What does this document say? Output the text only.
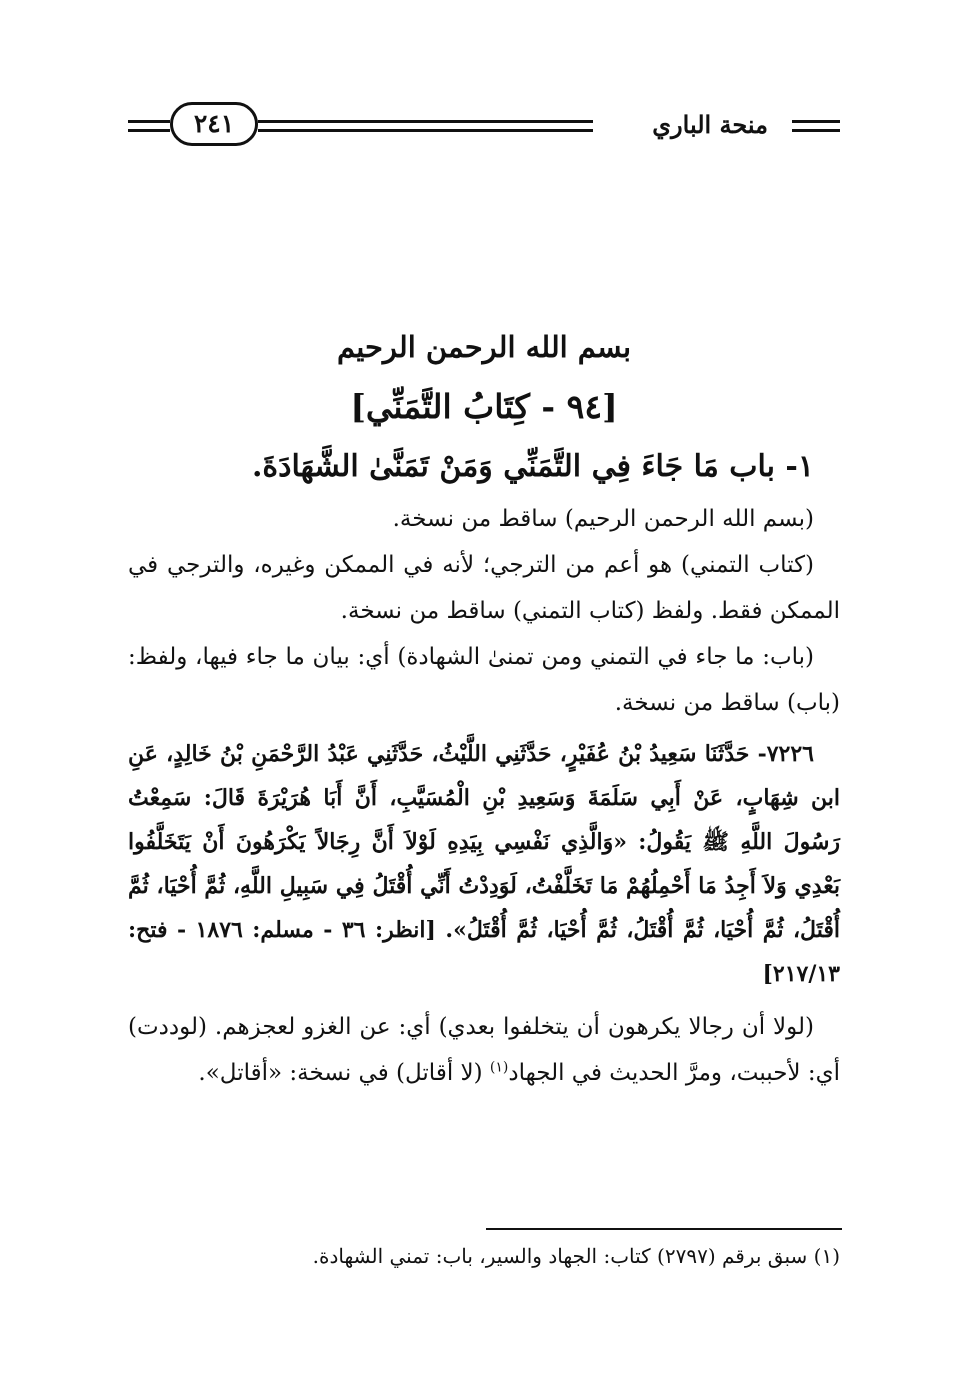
منحة الباري
٢٤١
بسم الله الرحمن الرحيم
[٩٤ - كِتَابُ التَّمَنِّي]
١- باب مَا جَاءَ فِي التَّمَنِّي وَمَنْ تَمَنَّىٰ الشَّهَادَةَ.

(بسم الله الرحمن الرحيم) ساقط من نسخة.

(كتاب التمني) هو أعم من الترجي؛ لأنه في الممكن وغيره، والترجي في الممكن فقط. ولفظ (كتاب التمني) ساقط من نسخة.

(باب: ما جاء في التمني ومن تمنىٰ الشهادة) أي: بيان ما جاء فيها، ولفظ: (باب) ساقط من نسخة.

٧٢٢٦- حَدَّثَنَا سَعِيدُ بْنُ عُفَيْرٍ، حَدَّثَنِي اللَّيْثُ، حَدَّثَنِي عَبْدُ الرَّحْمَنِ بْنُ خَالِدٍ، عَنِ ابن شِهَابٍ، عَنْ أَبِي سَلَمَةَ وَسَعِيدِ بْنِ الْمُسَيَّبِ، أَنَّ أَبَا هُرَيْرَةَ قَالَ: سَمِعْتُ رَسُولَ اللَّهِ ﷺ يَقُولُ: «وَالَّذِي نَفْسِي بِيَدِهِ لَوْلاَ أَنَّ رِجَالاً يَكْرَهُونَ أَنْ يَتَخَلَّفُوا بَعْدِي وَلاَ أَجِدُ مَا أَحْمِلُهُمْ مَا تَخَلَّفْتُ، لَوَدِدْتُ أَنِّي أُقْتَلُ فِي سَبِيلِ اللَّهِ، ثُمَّ أُحْيَا، ثُمَّ أُقْتَلُ، ثُمَّ أُحْيَا، ثُمَّ أُقْتَلُ، ثُمَّ أُحْيَا، ثُمَّ أُقْتَلُ». [انظر: ٣٦ - مسلم: ١٨٧٦ - فتح: ٢١٧/١٣]

(لولا أن رجالا يكرهون أن يتخلفوا بعدي) أي: عن الغزو لعجزهم. (لوددت) أي: لأحببت، ومرَّ الحديث في الجهاد$^{(١)}$ (لا أقاتل) في نسخة: «أقاتل».

(١) سبق برقم (٢٧٩٧) كتاب: الجهاد والسير، باب: تمني الشهادة.
